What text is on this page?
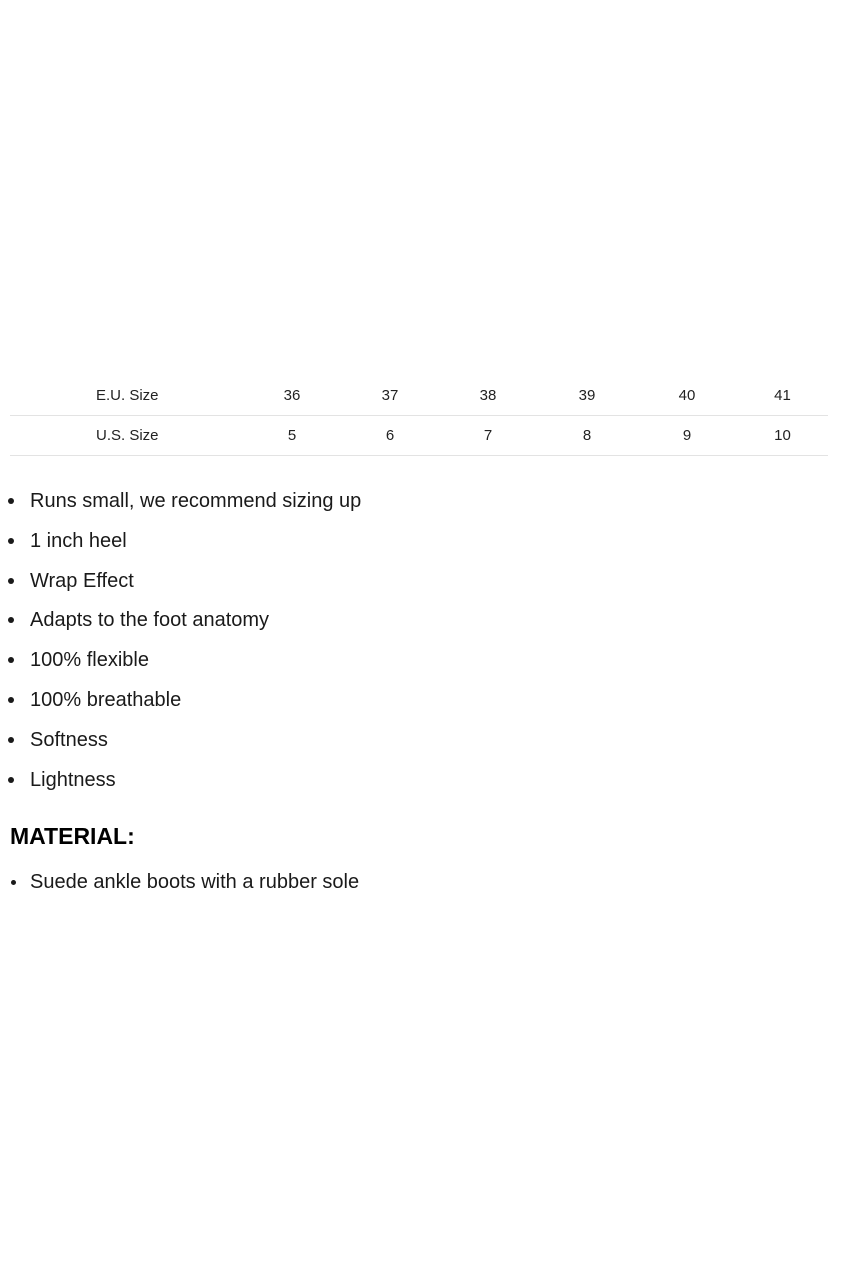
E.U. Size	36	37	38	39	40	41
U.S. Size	5	6	7	8	9	10
Runs small, we recommend sizing up
1 inch heel
Wrap Effect
Adapts to the foot anatomy
100% flexible
100% breathable
Softness
Lightness
MATERIAL:
Suede ankle boots with a rubber sole
